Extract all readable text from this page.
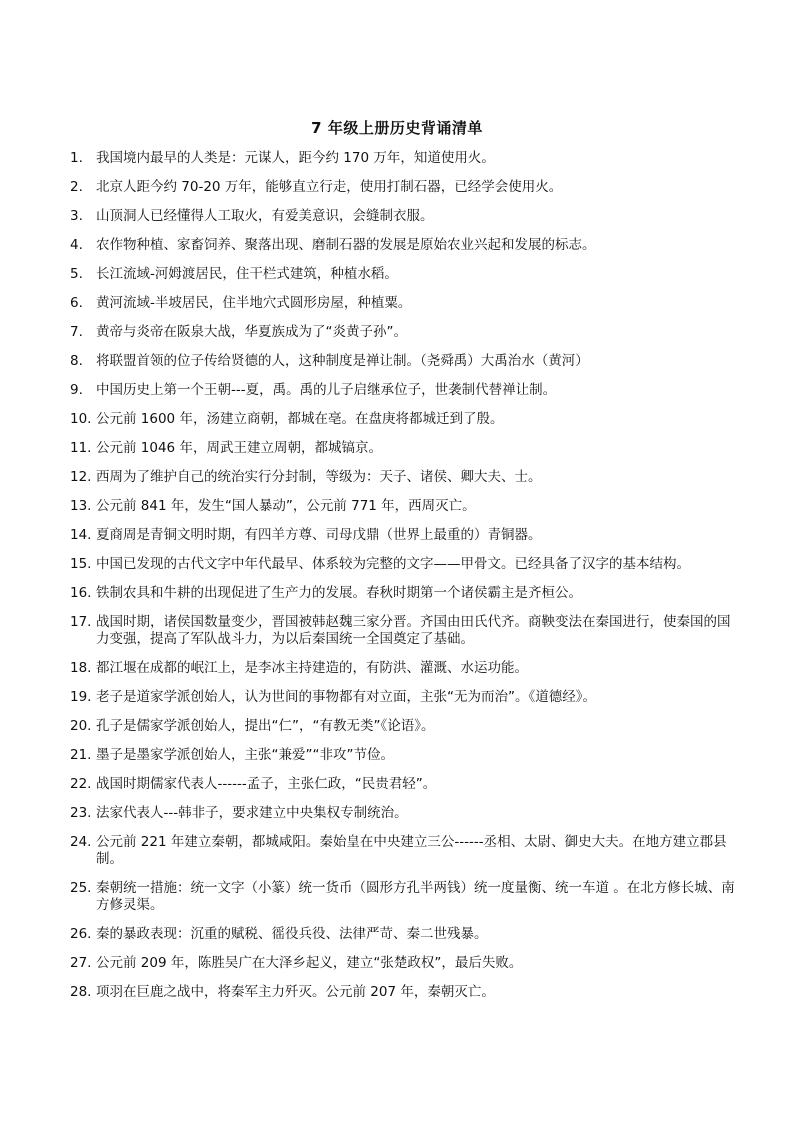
7 年级上册历史背诵清单
1. 我国境内最早的人类是：元谋人，距今约 170 万年，知道使用火。
2. 北京人距今约 70-20 万年，能够直立行走，使用打制石器，已经学会使用火。
3. 山顶洞人已经懂得人工取火，有爱美意识，会缝制衣服。
4. 农作物种植、家畜饲养、聚落出现、磨制石器的发展是原始农业兴起和发展的标志。
5. 长江流域-河姆渡居民，住干栏式建筑，种植水稻。
6. 黄河流域-半坡居民，住半地穴式圆形房屋，种植粟。
7. 黄帝与炎帝在阪泉大战，华夏族成为了“炎黄子孙”。
8. 将联盟首领的位子传给贤德的人，这种制度是禅让制。（尧舜禹）大禹治水（黄河）
9. 中国历史上第一个王朝---夏，禹。禹的儿子启继承位子，世袭制代替禅让制。
10. 公元前 1600 年，汤建立商朝，都城在亳。在盘庚将都城迁到了殷。
11. 公元前 1046 年，周武王建立周朝，都城镐京。
12. 西周为了维护自己的统治实行分封制，等级为：天子、诸侯、卿大夫、士。
13. 公元前 841 年，发生“国人暴动”，公元前 771 年，西周灭亡。
14. 夏商周是青铜文明时期，有四羊方尊、司母戊鼎（世界上最重的）青铜器。
15. 中国已发现的古代文字中年代最早、体系较为完整的文字——甲骨文。已经具备了汉字的基本结构。
16. 铁制农具和牛耕的出现促进了生产力的发展。春秋时期第一个诸侯霸主是齐桓公。
17. 战国时期，诸侯国数量变少，晋国被韩赵魏三家分晋。齐国由田氏代齐。商鞅变法在秦国进行，使秦国的国力变强，提高了军队战斗力，为以后秦国统一全国奠定了基础。
18. 都江堰在成都的岷江上，是李冰主持建造的，有防洪、灌溉、水运功能。
19. 老子是道家学派创始人，认为世间的事物都有对立面，主张“无为而治”。《道德经》。
20. 孔子是儒家学派创始人，提出“仁”，“有教无类”《论语》。
21. 墨子是墨家学派创始人，主张“兼爱”“非攻”节俭。
22. 战国时期儒家代表人------孟子，主张仁政，“民贵君轻”。
23. 法家代表人---韩非子，要求建立中央集权专制统治。
24. 公元前 221 年建立秦朝，都城咸阳。秦始皇在中央建立三公------丞相、太尉、御史大夫。在地方建立郡县制。
25. 秦朝统一措施：统一文字（小篆）统一货币（圆形方孔半两钱）统一度量衡、统一车道 。在北方修长城、南方修灵渠。
26. 秦的暴政表现：沉重的赋税、徭役兵役、法律严苛、秦二世残暴。
27. 公元前 209 年，陈胜吴广在大泽乡起义，建立“张楚政权”，最后失败。
28. 项羽在巨鹿之战中，将秦军主力歼灭。公元前 207 年，秦朝灭亡。
